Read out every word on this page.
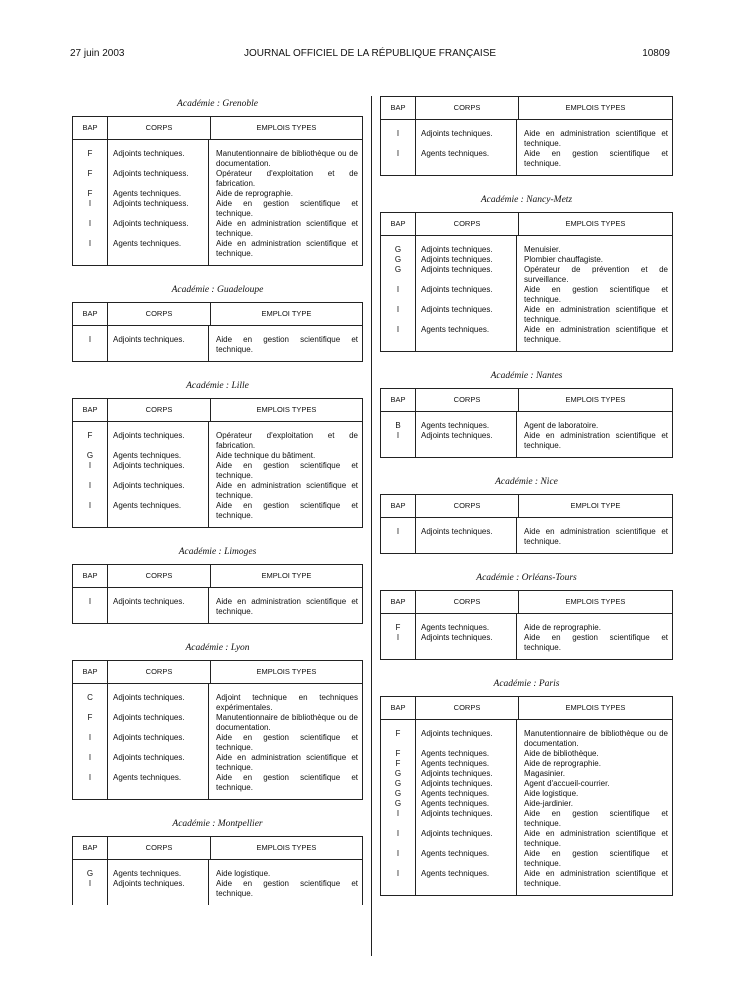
27 juin 2003	JOURNAL OFFICIEL DE LA RÉPUBLIQUE FRANÇAISE	10809
Académie : Grenoble
BAP	CORPS	EMPLOIS TYPES
F	Adjoints techniques.	Manutentionnaire de bibliothèque ou de documentation.
F	Adjoints techniquess.	Opérateur d'exploitation et de fabrication.
F	Agents techniques.	Aide de reprographie.
I	Adjoints techniquess.	Aide en gestion scientifique et technique.
I	Adjoints techniquess.	Aide en administration scientifique et technique.
I	Agents techniques.	Aide en administration scientifique et technique.
Académie : Guadeloupe
BAP	CORPS	EMPLOI TYPE
I	Adjoints techniques.	Aide en gestion scientifique et technique.
Académie : Lille
BAP	CORPS	EMPLOIS TYPES
F	Adjoints techniques.	Opérateur d'exploitation et de fabrication.
G	Agents techniques.	Aide technique du bâtiment.
I	Adjoints techniques.	Aide en gestion scientifique et technique.
I	Adjoints techniques.	Aide en administration scientifique et technique.
I	Agents techniques.	Aide en gestion scientifique et technique.
Académie : Limoges
BAP	CORPS	EMPLOI TYPE
I	Adjoints techniques.	Aide en administration scientifique et technique.
Académie : Lyon
BAP	CORPS	EMPLOIS TYPES
C	Adjoints techniques.	Adjoint technique en techniques expérimentales.
F	Adjoints techniques.	Manutentionnaire de bibliothèque ou de documentation.
I	Adjoints techniques.	Aide en gestion scientifique et technique.
I	Adjoints techniques.	Aide en administration scientifique et technique.
I	Agents techniques.	Aide en gestion scientifique et technique.
Académie : Montpellier
BAP	CORPS	EMPLOIS TYPES
G	Agents techniques.	Aide logistique.
I	Adjoints techniques.	Aide en gestion scientifique et technique.
BAP	CORPS	EMPLOIS TYPES
I	Adjoints techniques.	Aide en administration scientifique et technique.
I	Agents techniques.	Aide en gestion scientifique et technique.
Académie : Nancy-Metz
BAP	CORPS	EMPLOIS TYPES
G	Adjoints techniques.	Menuisier.
G	Adjoints techniques.	Plombier chauffagiste.
G	Adjoints techniques.	Opérateur de prévention et de surveillance.
I	Adjoints techniques.	Aide en gestion scientifique et technique.
I	Adjoints techniques.	Aide en administration scientifique et technique.
I	Agents techniques.	Aide en administration scientifique et technique.
Académie : Nantes
BAP	CORPS	EMPLOIS TYPES
B	Agents techniques.	Agent de laboratoire.
I	Adjoints techniques.	Aide en administration scientifique et technique.
Académie : Nice
BAP	CORPS	EMPLOI TYPE
I	Adjoints techniques.	Aide en administration scientifique et technique.
Académie : Orléans-Tours
BAP	CORPS	EMPLOIS TYPES
F	Agents techniques.	Aide de reprographie.
I	Adjoints techniques.	Aide en gestion scientifique et technique.
Académie : Paris
BAP	CORPS	EMPLOIS TYPES
F	Adjoints techniques.	Manutentionnaire de bibliothèque ou de documentation.
F	Agents techniques.	Aide de bibliothèque.
F	Agents techniques.	Aide de reprographie.
G	Adjoints techniques.	Magasinier.
G	Adjoints techniques.	Agent d'accueil-courrier.
G	Agents techniques.	Aide logistique.
G	Agents techniques.	Aide-jardinier.
I	Adjoints techniques.	Aide en gestion scientifique et technique.
I	Adjoints techniques.	Aide en administration scientifique et technique.
I	Agents techniques.	Aide en gestion scientifique et technique.
I	Agents techniques.	Aide en administration scientifique et technique.
